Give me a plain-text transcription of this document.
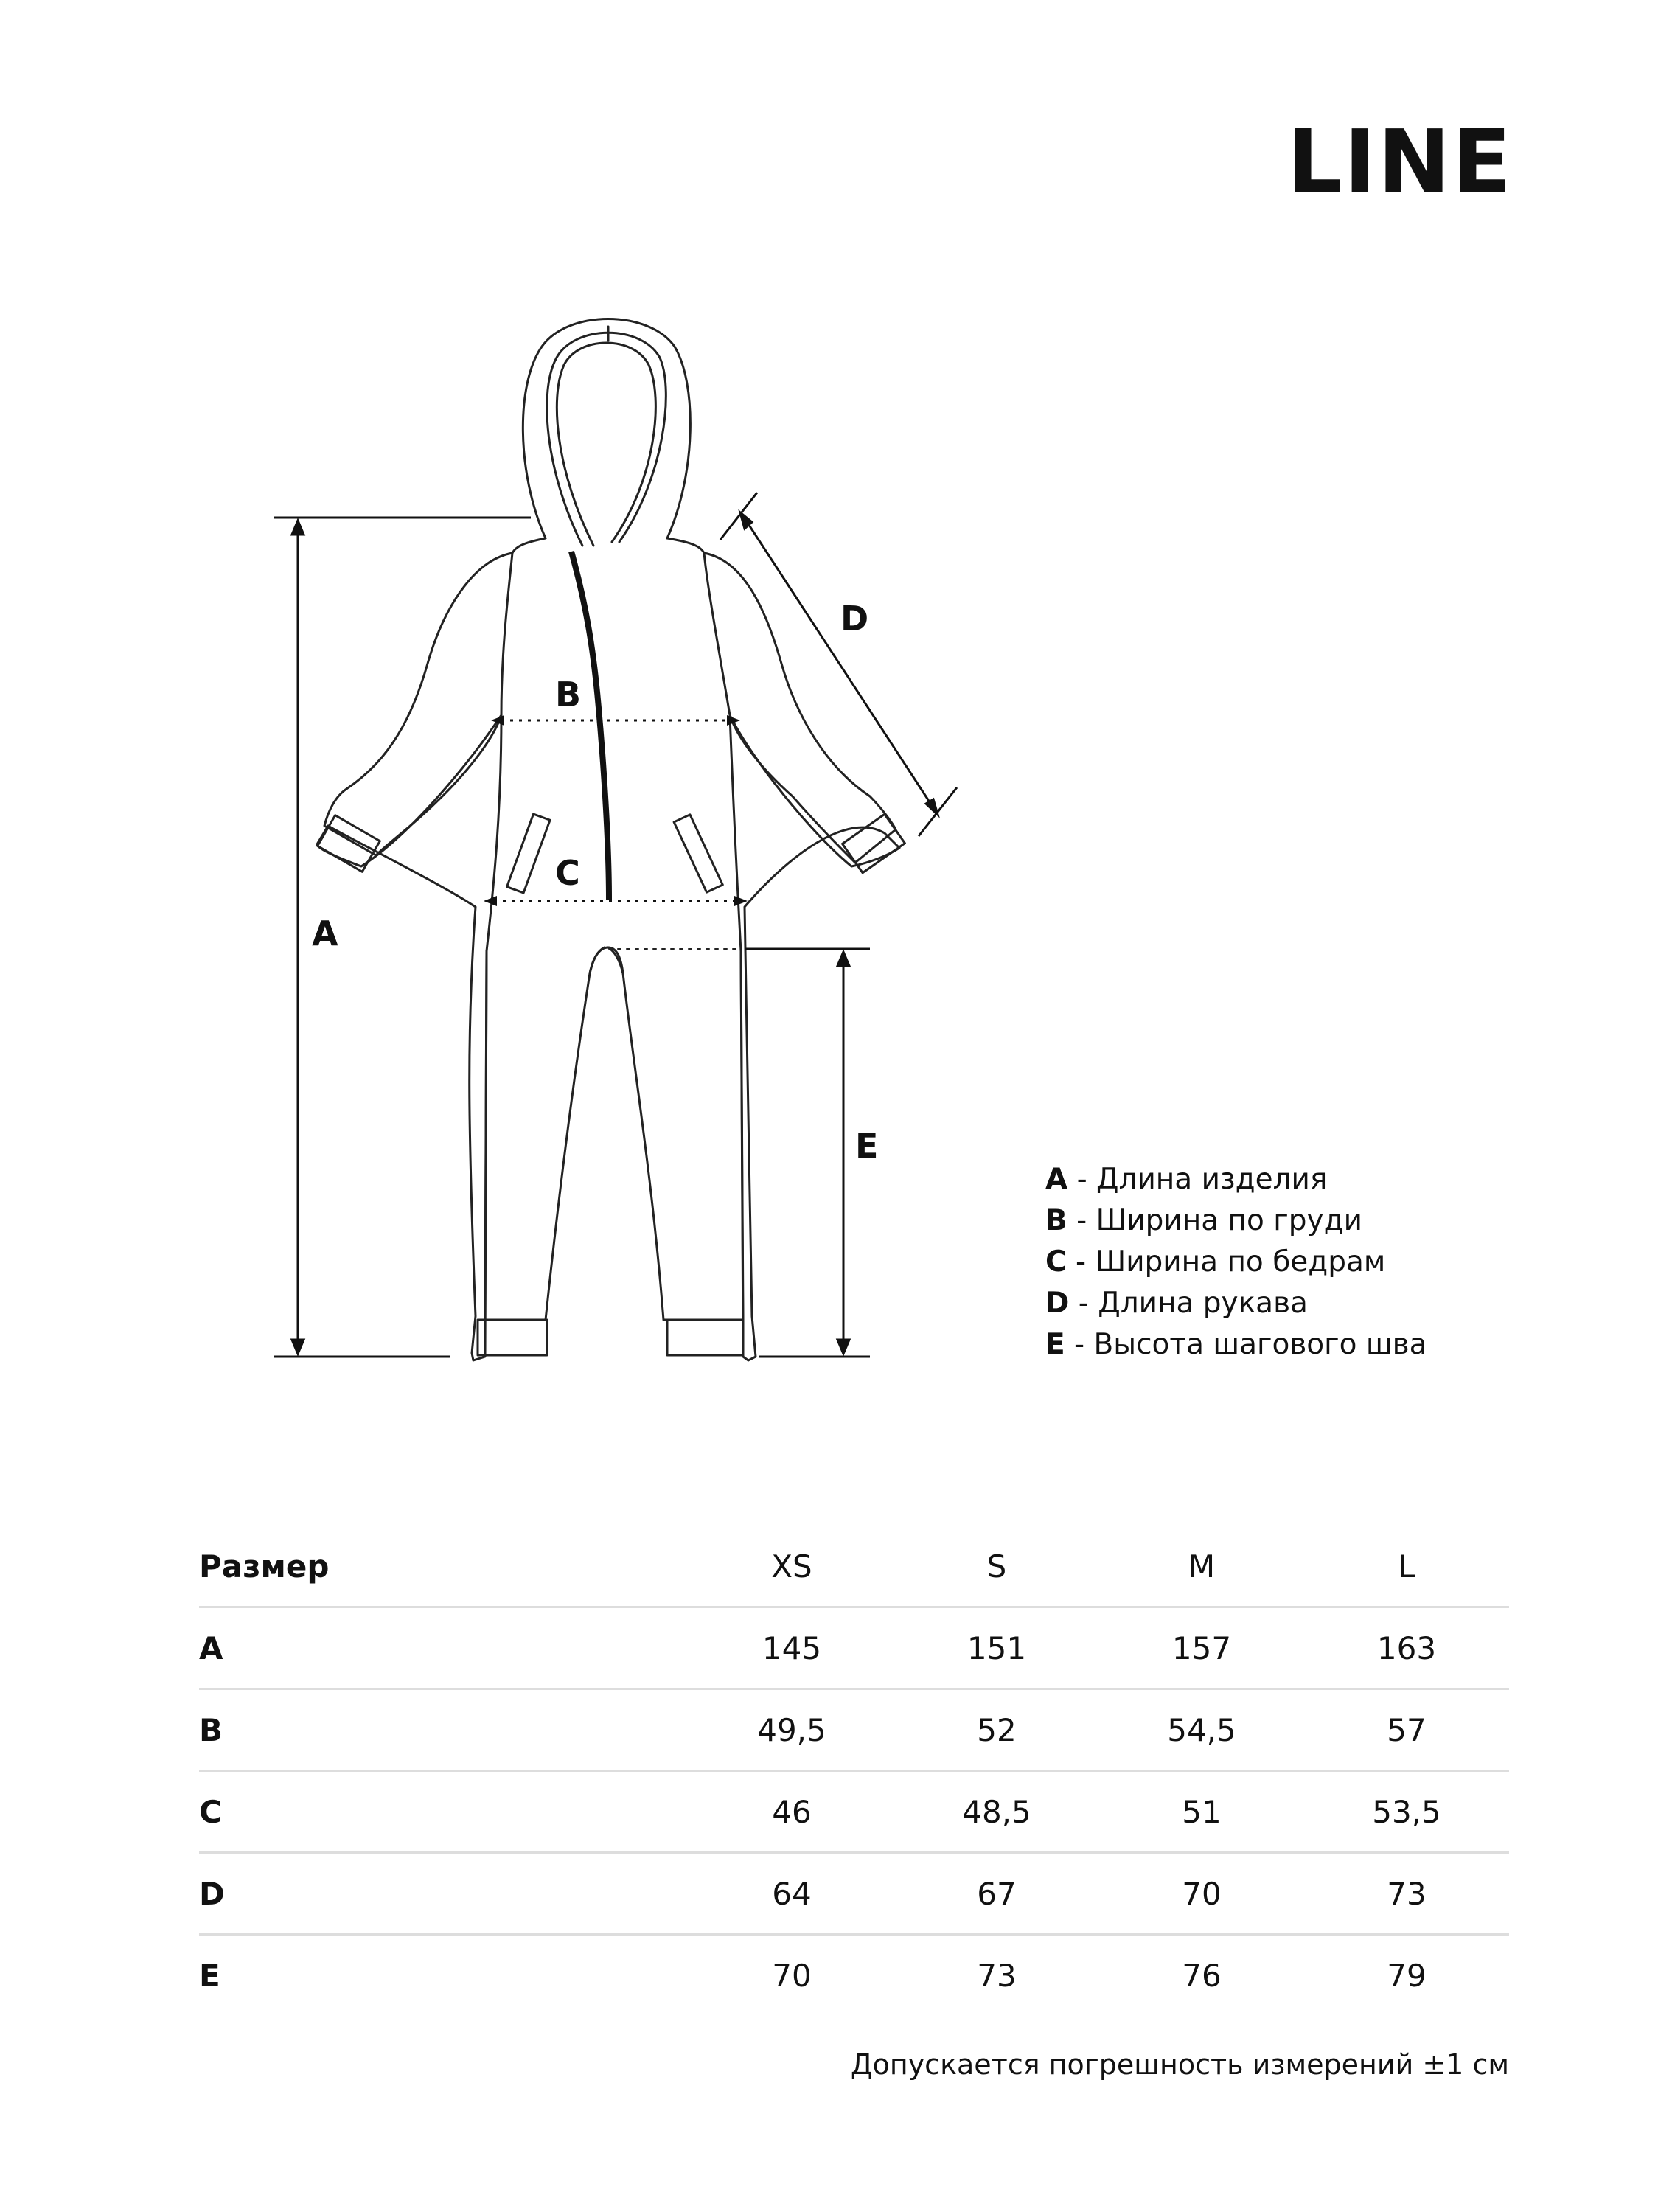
LINE
A
B
C
D
E
A - Длина изделия
B - Ширина по груди
C - Ширина по бедрам
D - Длина рукава
E - Высота шагового шва
Размер	XS	S	M	L
A	145	151	157	163
B	49,5	52	54,5	57
C	46	48,5	51	53,5
D	64	67	70	73
E	70	73	76	79
Допускается погрешность измерений ±1 см
